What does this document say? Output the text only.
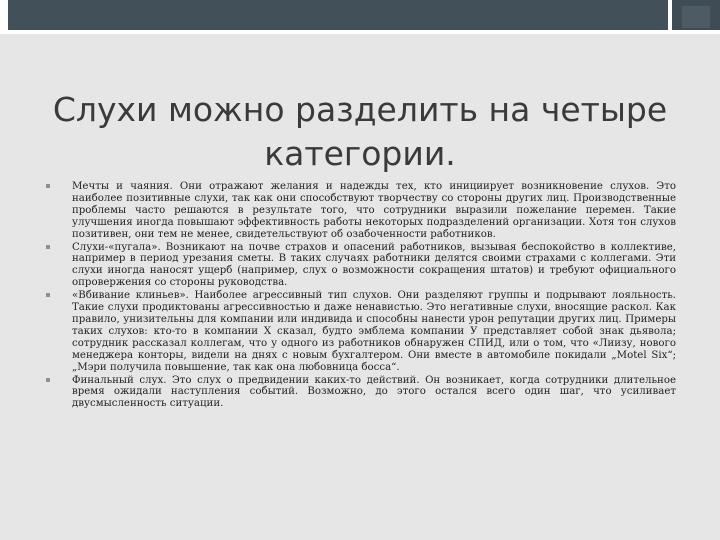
Слухи можно разделить на четыре категории.
Мечты и чаяния. Они отражают желания и надежды тех, кто инициирует возникновение слухов. Это наиболее позитивные слухи, так как они способствуют творчеству со стороны других лиц. Производственные проблемы часто решаются в результате того, что сотрудники выразили пожелание перемен. Такие улучшения иногда повышают эффективность работы некоторых подразделений организации. Хотя тон слухов позитивен, они тем не менее, свидетельствуют об озабоченности работников.
Слухи-«пугала». Возникают на почве страхов и опасений работников, вызывая беспокойство в коллективе, например в период урезания сметы. В таких случаях работники делятся своими страхами с коллегами. Эти слухи иногда наносят ущерб (например, слух о возможности сокращения штатов) и требуют официального опровержения со стороны руководства.
«Вбивание клиньев». Наиболее агрессивный тип слухов. Они разделяют группы и подрывают лояльность. Такие слухи продиктованы агрессивностью и даже ненавистью. Это негативные слухи, вносящие раскол. Как правило, унизительны для компании или индивида и способны нанести урон репутации других лиц. Примеры таких слухов: кто-то в компании X сказал, будто эмблема компании У представляет собой знак дьявола; сотрудник рассказал коллегам, что у одного из работников обнаружен СПИД, или о том, что «Лиизу, нового менеджера конторы, видели на днях с новым бухгалтером. Они вместе в автомобиле покидали „Motel Six“; „Мэри получила повышение, так как она любовница босса“.
Финальный слух. Это слух о предвидении каких-то действий. Он возникает, когда сотрудники длительное время ожидали наступления событий. Возможно, до этого остался всего один шаг, что усиливает двусмысленность ситуации.
